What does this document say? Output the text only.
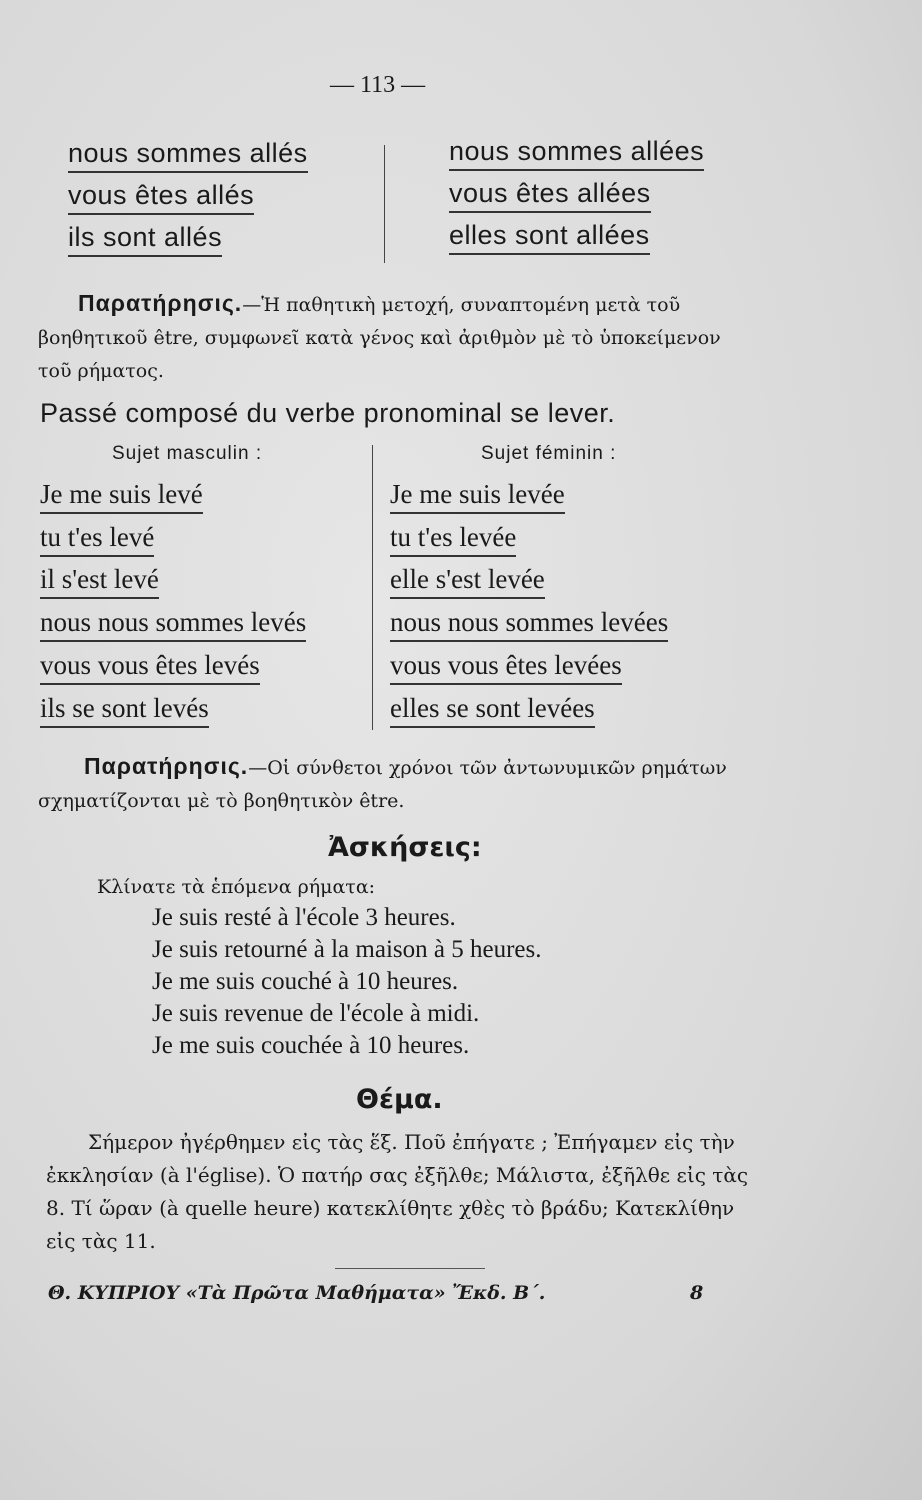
— 113 —
nous sommes allés
vous êtes allés
ils sont allés
nous sommes allées
vous êtes allées
elles sont allées
Παρατήρησις.—Ἡ παθητικὴ μετοχή, συναπτομένη μετὰ τοῦ βοηθητικοῦ être, συμφωνεῖ κατὰ γένος καὶ ἀριθμὸν μὲ τὸ ὑποκείμενον τοῦ ρήματος.
Passé composé du verbe pronominal se lever.
Sujet masculin :	Sujet féminin :
Je me suis levé
tu t'es levé
il s'est levé
nous nous sommes levés
vous vous êtes levés
ils se sont levés
Je me suis levée
tu t'es levée
elle s'est levée
nous nous sommes levées
vous vous êtes levées
elles se sont levées
Παρατήρησις.—Οἱ σύνθετοι χρόνοι τῶν ἀντωνυμικῶν ρημάτων σχηματίζονται μὲ τὸ βοηθητικὸν être.
Ἀσκήσεις:
Κλίνατε τὰ ἑπόμενα ρήματα:
Je suis resté à l'école 3 heures.
Je suis retourné à la maison à 5 heures.
Je me suis couché à 10 heures.
Je suis revenue de l'école à midi.
Je me suis couchée à 10 heures.
Θέμα.
Σήμερον ἠγέρθημεν εἰς τὰς ἕξ. Ποῦ ἐπήγατε ; Ἐπήγαμεν εἰς τὴν ἐκκλησίαν (à l'église). Ὁ πατήρ σας ἐξῆλθε; Μάλιστα, ἐξῆλθε εἰς τὰς 8. Τί ὥραν (à quelle heure) κατεκλίθητε χθὲς τὸ βράδυ; Κατεκλίθην εἰς τὰς 11.
Θ. ΚΥΠΡΙΟΥ «Τὰ Πρῶτα Μαθήματα» Ἔκδ. Β΄.	8
